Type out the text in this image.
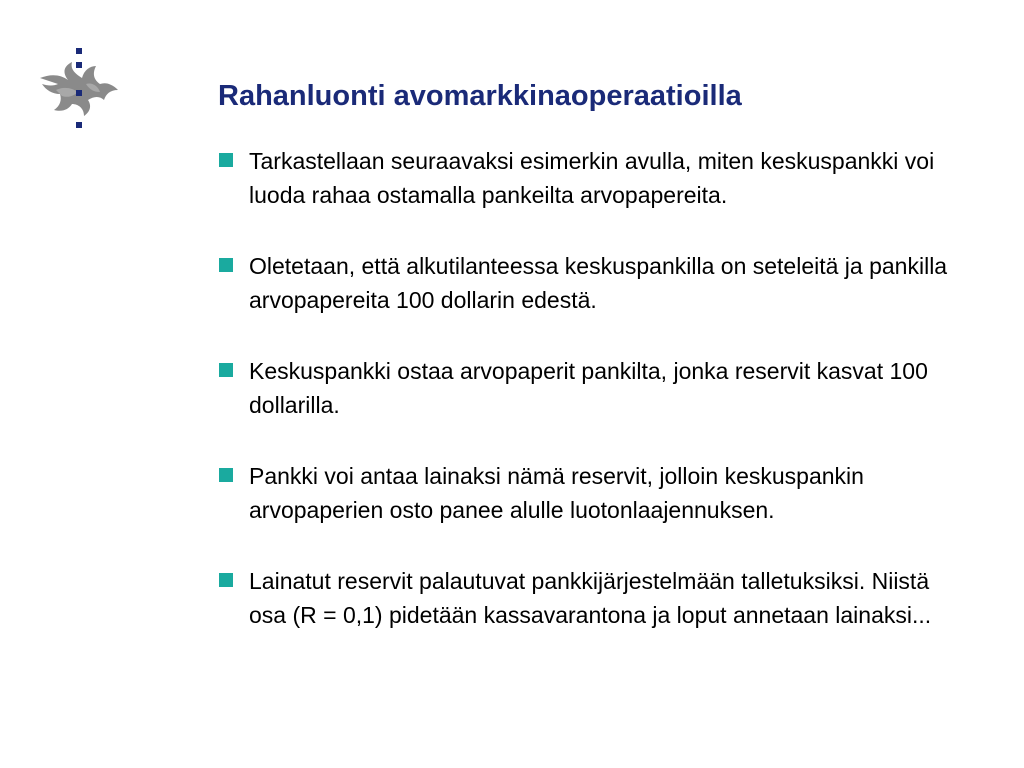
Rahanluonti avomarkkinaoperaatioilla
Tarkastellaan seuraavaksi esimerkin avulla, miten keskuspankki voi luoda rahaa ostamalla pankeilta arvopapereita.
Oletetaan, että alkutilanteessa keskuspankilla on seteleitä ja pankilla arvopapereita 100 dollarin edestä.
Keskuspankki ostaa arvopaperit pankilta, jonka reservit kasvat 100 dollarilla.
Pankki voi antaa lainaksi nämä reservit, jolloin keskuspankin arvopaperien osto panee alulle luotonlaajennuksen.
Lainatut reservit palautuvat pankkijärjestelmään talletuksiksi. Niistä osa (R = 0,1) pidetään kassavarantona ja loput annetaan lainaksi...
